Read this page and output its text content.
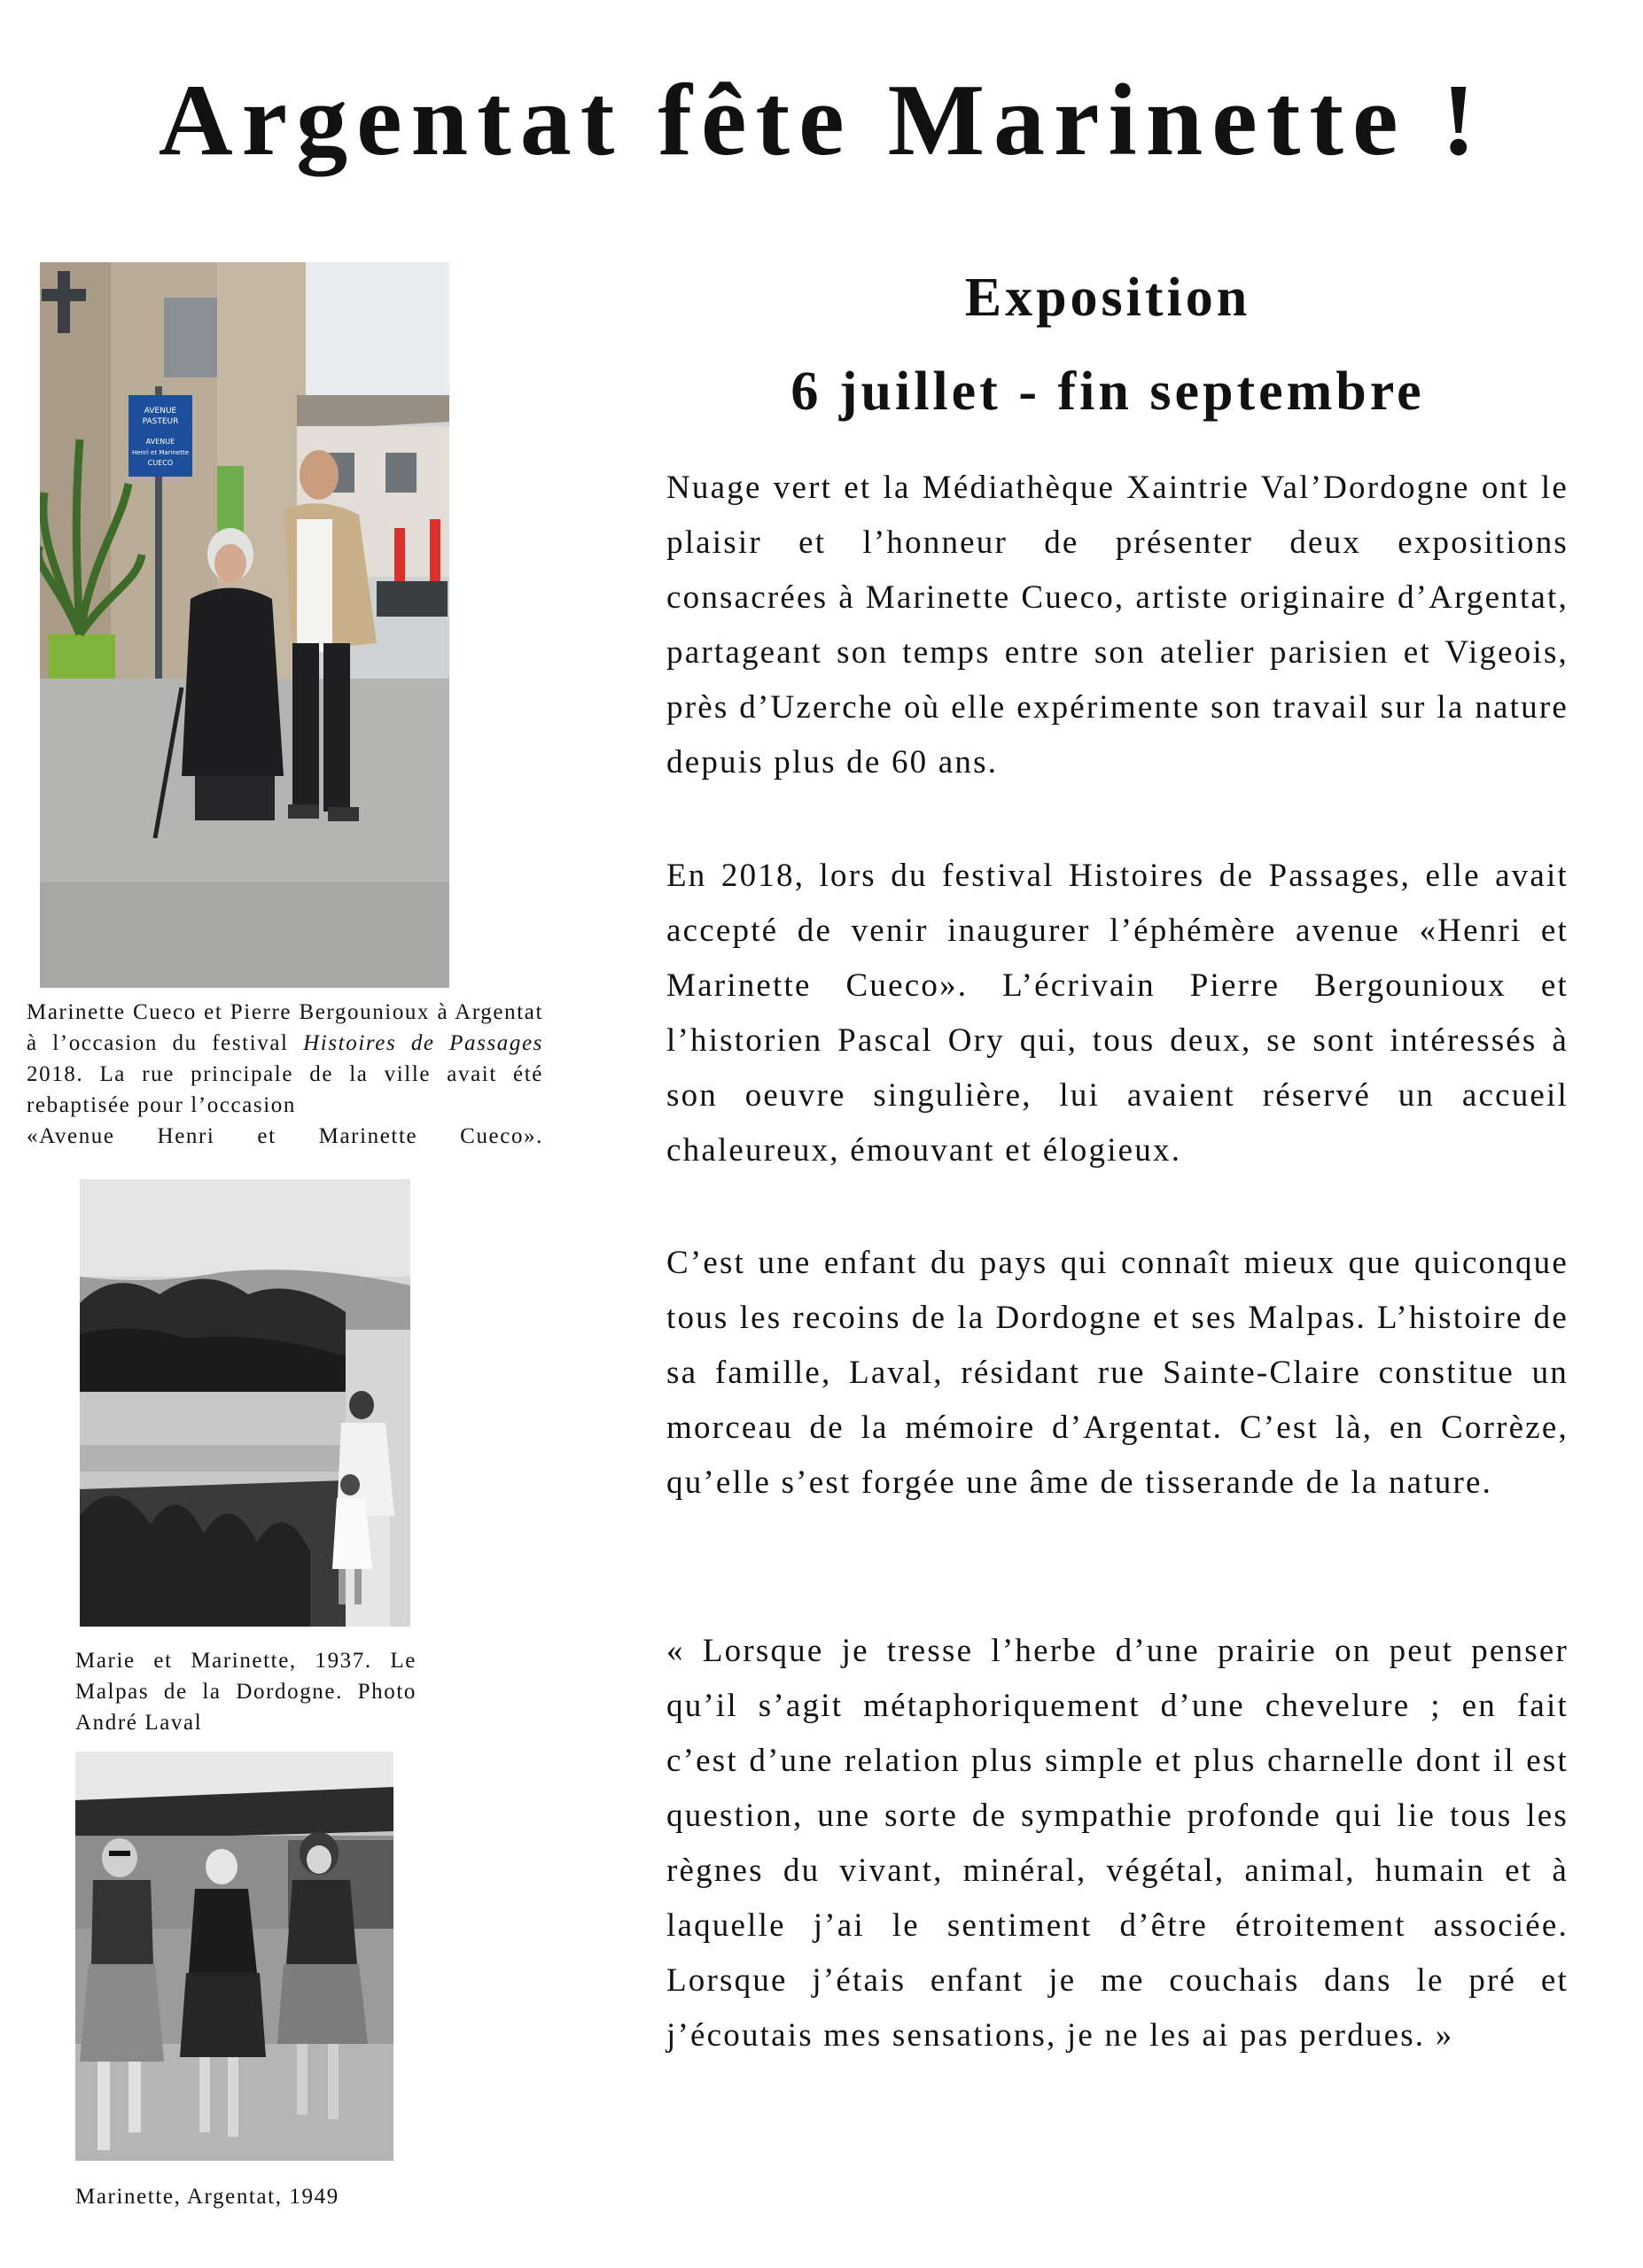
Argentat fête Marinette !
AVENUE
PASTEUR
AVENUE
Henri et Marinette
CUECO

Marinette Cueco et Pierre Bergounioux à Argentat à l’occasion du festival Histoires de Passages 2018. La rue principale de la ville avait été rebaptisée pour l’occasion

«Avenue Henri et Marinette Cueco».

Marie et Marinette, 1937. Le Malpas de la Dordogne. Photo André Laval

Marinette, Argentat, 1949
Exposition
6 juillet - fin septembre

Nuage vert et la Médiathèque Xaintrie Val’Dordogne ont le plaisir et l’honneur de présenter deux expositions consacrées à Marinette Cueco, artiste originaire d’Argentat, partageant son temps entre son atelier parisien et Vigeois, près d’Uzerche où elle expérimente son travail sur la nature depuis plus de 60 ans.

En 2018, lors du festival Histoires de Passages, elle avait accepté de venir inaugurer l’éphémère avenue «Henri et Marinette Cueco». L’écrivain Pierre Bergounioux et l’historien Pascal Ory qui, tous deux, se sont intéressés à son oeuvre singulière, lui avaient réservé un accueil chaleureux, émouvant et élogieux.

C’est une enfant du pays qui connaît mieux que quiconque tous les recoins de la Dordogne et ses Malpas. L’histoire de sa famille, Laval, résidant rue Sainte-Claire constitue un morceau de la mémoire d’Argentat. C’est là, en Corrèze, qu’elle s’est forgée une âme de tisserande de la nature.

« Lorsque je tresse l’herbe d’une prairie on peut penser qu’il s’agit métaphoriquement d’une chevelure ; en fait c’est d’une relation plus simple et plus charnelle dont il est question, une sorte de sympathie profonde qui lie tous les règnes du vivant, minéral, végétal, animal, humain et à laquelle j’ai le sentiment d’être étroitement associée. Lorsque j’étais enfant je me couchais dans le pré et j’écoutais mes sensations, je ne les ai pas perdues. »
